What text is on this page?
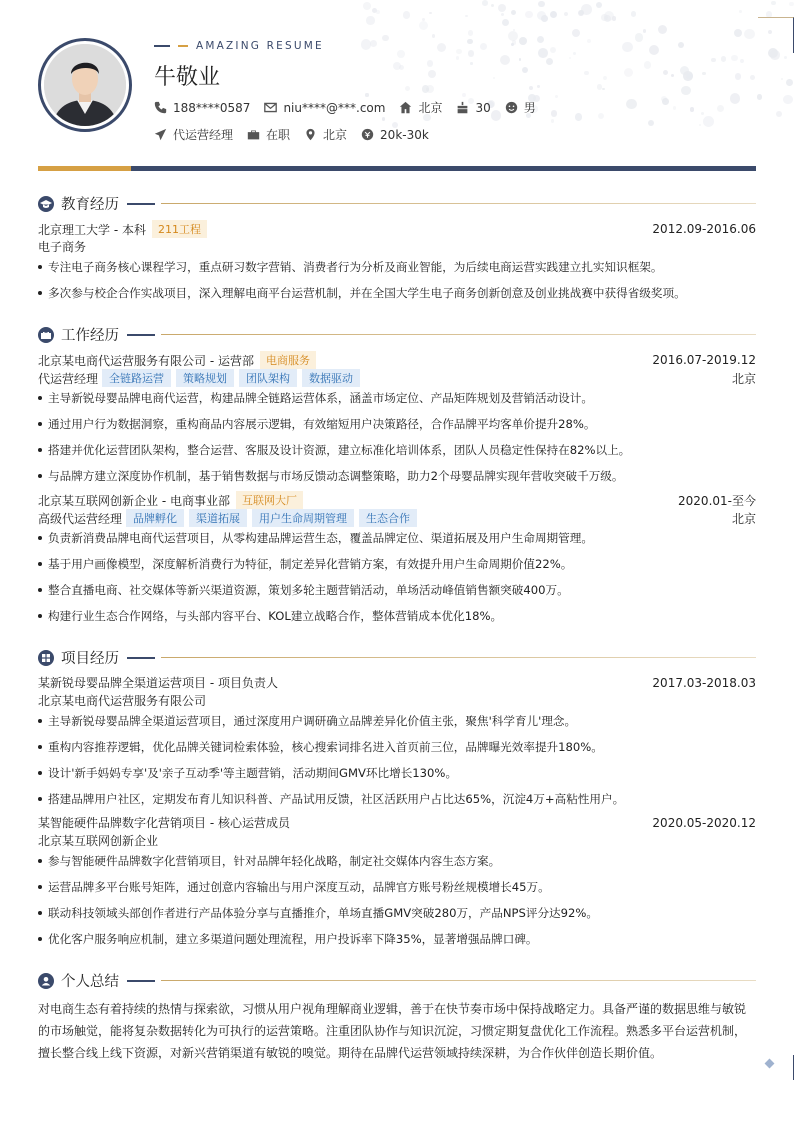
AMAZING RESUME
牛敬业
188****0587	niu****@***.com	北京	30	男
代运营经理	在职	北京	20k-30k
教育经历
北京理工大学 - 本科	211工程	2012.09-2016.06
电子商务
专注电子商务核心课程学习，重点研习数字营销、消费者行为分析及商业智能，为后续电商运营实践建立扎实知识框架。
多次参与校企合作实战项目，深入理解电商平台运营机制，并在全国大学生电子商务创新创意及创业挑战赛中获得省级奖项。
工作经历
北京某电商代运营服务有限公司 - 运营部	电商服务	2016.07-2019.12
代运营经理	全链路运营	策略规划	团队架构	数据驱动	北京
主导新锐母婴品牌电商代运营，构建品牌全链路运营体系，涵盖市场定位、产品矩阵规划及营销活动设计。
通过用户行为数据洞察，重构商品内容展示逻辑，有效缩短用户决策路径，合作品牌平均客单价提升28%。
搭建并优化运营团队架构，整合运营、客服及设计资源，建立标准化培训体系，团队人员稳定性保持在82%以上。
与品牌方建立深度协作机制，基于销售数据与市场反馈动态调整策略，助力2个母婴品牌实现年营收突破千万级。
北京某互联网创新企业 - 电商事业部	互联网大厂	2020.01-至今
高级代运营经理	品牌孵化	渠道拓展	用户生命周期管理	生态合作	北京
负责新消费品牌电商代运营项目，从零构建品牌运营生态，覆盖品牌定位、渠道拓展及用户生命周期管理。
基于用户画像模型，深度解析消费行为特征，制定差异化营销方案，有效提升用户生命周期价值22%。
整合直播电商、社交媒体等新兴渠道资源，策划多轮主题营销活动，单场活动峰值销售额突破400万。
构建行业生态合作网络，与头部内容平台、KOL建立战略合作，整体营销成本优化18%。
项目经历
某新锐母婴品牌全渠道运营项目 - 项目负责人	2017.03-2018.03
北京某电商代运营服务有限公司
主导新锐母婴品牌全渠道运营项目，通过深度用户调研确立品牌差异化价值主张，聚焦'科学育儿'理念。
重构内容推荐逻辑，优化品牌关键词检索体验，核心搜索词排名进入首页前三位，品牌曝光效率提升180%。
设计'新手妈妈专享'及'亲子互动季'等主题营销，活动期间GMV环比增长130%。
搭建品牌用户社区，定期发布育儿知识科普、产品试用反馈，社区活跃用户占比达65%，沉淀4万+高粘性用户。
某智能硬件品牌数字化营销项目 - 核心运营成员	2020.05-2020.12
北京某互联网创新企业
参与智能硬件品牌数字化营销项目，针对品牌年轻化战略，制定社交媒体内容生态方案。
运营品牌多平台账号矩阵，通过创意内容输出与用户深度互动，品牌官方账号粉丝规模增长45万。
联动科技领域头部创作者进行产品体验分享与直播推介，单场直播GMV突破280万，产品NPS评分达92%。
优化客户服务响应机制，建立多渠道问题处理流程，用户投诉率下降35%，显著增强品牌口碑。
个人总结
对电商生态有着持续的热情与探索欲，习惯从用户视角理解商业逻辑，善于在快节奏市场中保持战略定力。具备严谨的数据思维与敏锐的市场触觉，能将复杂数据转化为可执行的运营策略。注重团队协作与知识沉淀，习惯定期复盘优化工作流程。熟悉多平台运营机制，擅长整合线上线下资源，对新兴营销渠道有敏锐的嗅觉。期待在品牌代运营领域持续深耕，为合作伙伴创造长期价值。
